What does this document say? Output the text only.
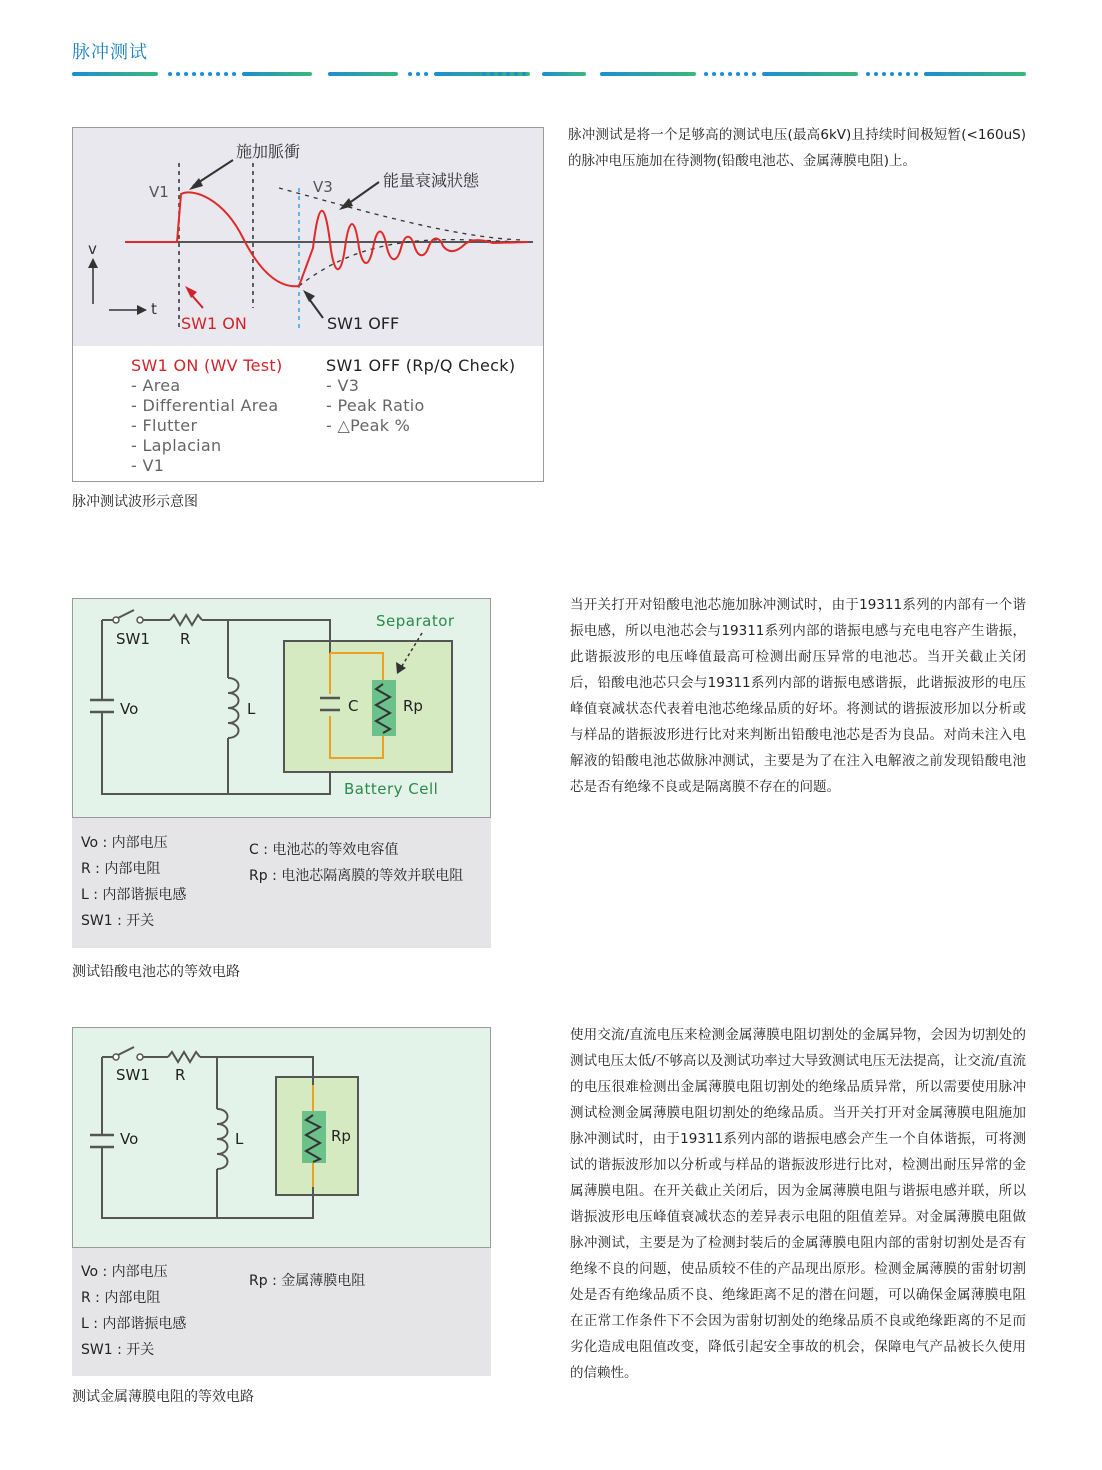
脉冲测试
施加脈衝
能量衰減狀態
V1	V3
v
t
SW1 ON	SW1 OFF
SW1 ON (WV Test)
- Area
- Differential Area
- Flutter
- Laplacian
- V1
SW1 OFF (Rp/Q Check)
- V3
- Peak Ratio
- △Peak %
脉冲测试波形示意图
脉冲测试是将一个足够高的测试电压(最高6kV)且持续时间极短暂(<160uS)的脉冲电压施加在待测物(铅酸电池芯、金属薄膜电阻)上。
SW1 R
Vo	L	C	Rp
Separator
Battery Cell
Vo : 内部电压
R : 内部电阻
L : 内部谐振电感
SW1 : 开关
C : 电池芯的等效电容值
Rp : 电池芯隔离膜的等效并联电阻
测试铅酸电池芯的等效电路
当开关打开对铅酸电池芯施加脉冲测试时，由于19311系列的内部有一个谐振电感，所以电池芯会与19311系列内部的谐振电感与充电电容产生谐振，此谐振波形的电压峰值最高可检测出耐压异常的电池芯。当开关截止关闭后，铅酸电池芯只会与19311系列内部的谐振电感谐振，此谐振波形的电压峰值衰减状态代表着电池芯绝缘品质的好坏。将测试的谐振波形加以分析或与样品的谐振波形进行比对来判断出铅酸电池芯是否为良品。对尚未注入电解液的铅酸电池芯做脉冲测试，主要是为了在注入电解液之前发现铅酸电池芯是否有绝缘不良或是隔离膜不存在的问题。
SW1 R
Vo	L	Rp
Vo : 内部电压
R : 内部电阻
L : 内部谐振电感
SW1 : 开关
Rp : 金属薄膜电阻
测试金属薄膜电阻的等效电路
使用交流/直流电压来检测金属薄膜电阻切割处的金属异物，会因为切割处的测试电压太低/不够高以及测试功率过大导致测试电压无法提高，让交流/直流的电压很难检测出金属薄膜电阻切割处的绝缘品质异常，所以需要使用脉冲测试检测金属薄膜电阻切割处的绝缘品质。当开关打开对金属薄膜电阻施加脉冲测试时，由于19311系列内部的谐振电感会产生一个自体谐振，可将测试的谐振波形加以分析或与样品的谐振波形进行比对，检测出耐压异常的金属薄膜电阻。在开关截止关闭后，因为金属薄膜电阻与谐振电感并联，所以谐振波形电压峰值衰减状态的差异表示电阻的阻值差异。对金属薄膜电阻做脉冲测试，主要是为了检测封装后的金属薄膜电阻内部的雷射切割处是否有绝缘不良的问题，使品质较不佳的产品现出原形。检测金属薄膜的雷射切割处是否有绝缘品质不良、绝缘距离不足的潜在问题，可以确保金属薄膜电阻在正常工作条件下不会因为雷射切割处的绝缘品质不良或绝缘距离的不足而劣化造成电阻值改变，降低引起安全事故的机会，保障电气产品被长久使用的信赖性。
